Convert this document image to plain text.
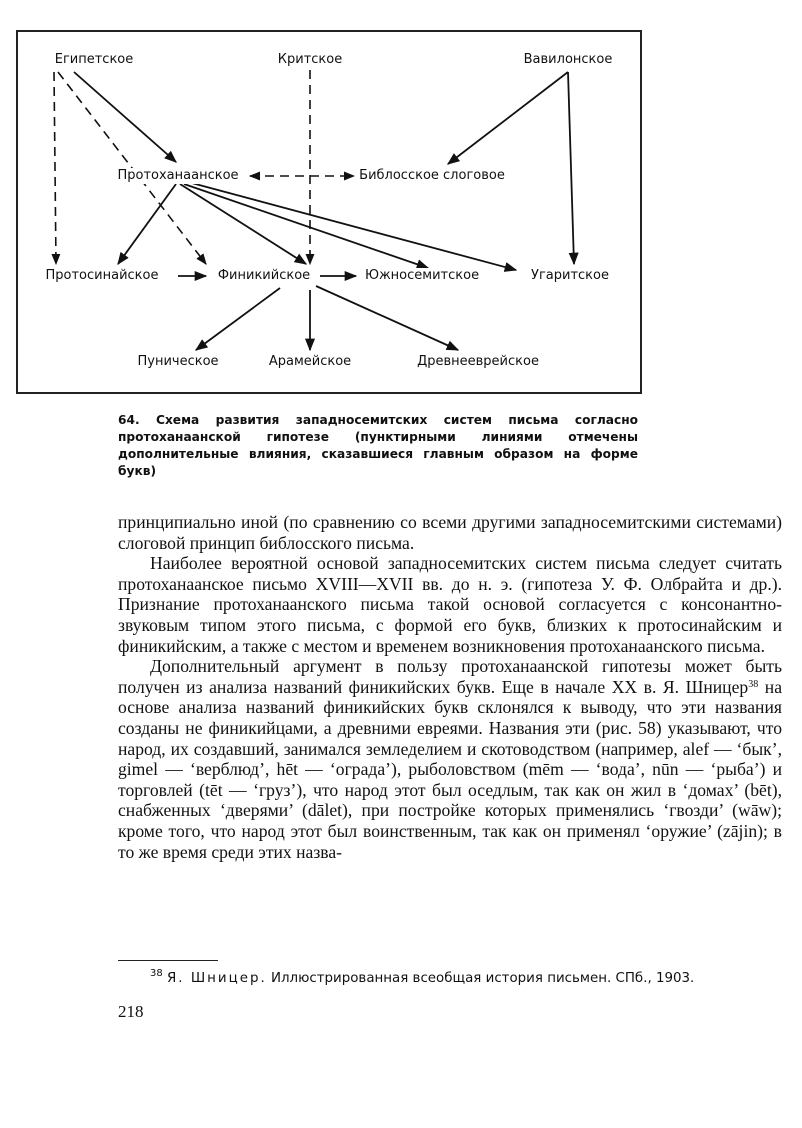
Египетское	Критское	Вавилонское
Протоханаанское	Библосское слоговое
Протосинайское	Финикийское	Южносемитское	Угаритское
Пуническое	Арамейское	Древнееврейское
64. Схема развития западносемитских систем письма согласно протоханаанской гипотезе (пунктирными линиями отмечены дополнительные влияния, сказавшиеся главным образом на форме букв)

принципиально иной (по сравнению со всеми другими западносемитскими системами) слоговой принцип библосского письма.

Наиболее вероятной основой западносемитских систем письма следует считать протоханаанское письмо XVIII—XVII вв. до н. э. (гипотеза У. Ф. Олбрайта и др.). Признание протоханаанского письма такой основой согласуется с консонантно-звуковым типом этого письма, с формой его букв, близких к протосинайским и финикийским, а также с местом и временем возникновения протоханаанского письма.

Дополнительный аргумент в пользу протоханаанской гипотезы может быть получен из анализа названий финикийских букв. Еще в начале XX в. Я. Шницер$^{38}$ на основе анализа названий финикийских букв склонялся к выводу, что эти названия созданы не финикийцами, а древними евреями. Названия эти (рис. 58) указывают, что народ, их создавший, занимался земледелием и скотоводством (например, alef — ‘бык’, gimel — ‘верблюд’, hēt — ‘ограда’), рыболовством (mēm — ‘вода’, nūn — ‘рыба’) и торговлей (tēt — ‘груз’), что народ этот был оседлым, так как он жил в ‘домах’ (bēt), снабженных ‘дверями’ (dālet), при постройке которых применялись ‘гвозди’ (wāw); кроме того, что народ этот был воинственным, так как он применял ‘оружие’ (zājin); в то же время среди этих назва-

$^{38}$ Я. Шницер. Иллюстрированная всеобщая история письмен. СПб., 1903.
218
